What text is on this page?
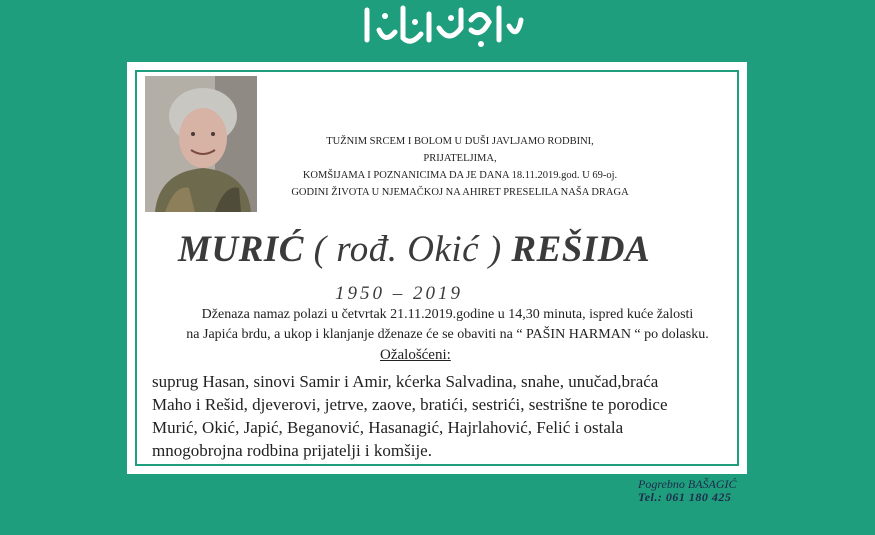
TUŽNIM SRCEM I BOLOM U DUŠI JAVLJAMO RODBINI, PRIJATELJIMA,
KOMŠIJAMA I POZNANICIMA DA JE DANA 18.11.2019.god. U 69-oj.
GODINI ŽIVOTA U NJEMAČKOJ NA AHIRET PRESELILA NAŠA DRAGA
MURIĆ ( rođ. Okić ) REŠIDA
1950 – 2019
Dženaza namaz polazi u četvrtak 21.11.2019.godine u 14,30 minuta, ispred kuće žalosti
na Japića brdu, a ukop i klanjanje dženaze će se obaviti na “ PAŠIN HARMAN “ po dolasku.
Ožalošćeni:
suprug Hasan, sinovi Samir i Amir, kćerka Salvadina, snahe, unučad,braća
Maho i Rešid, djeverovi, jetrve, zaove, bratići, sestrići, sestrišne te porodice
Murić, Okić, Japić, Beganović, Hasanagić, Hajrlahović, Felić i ostala
mnogobrojna rodbina prijatelji i komšije.
Pogrebno BAŠAGIĆ
Tel.: 061 180 425
